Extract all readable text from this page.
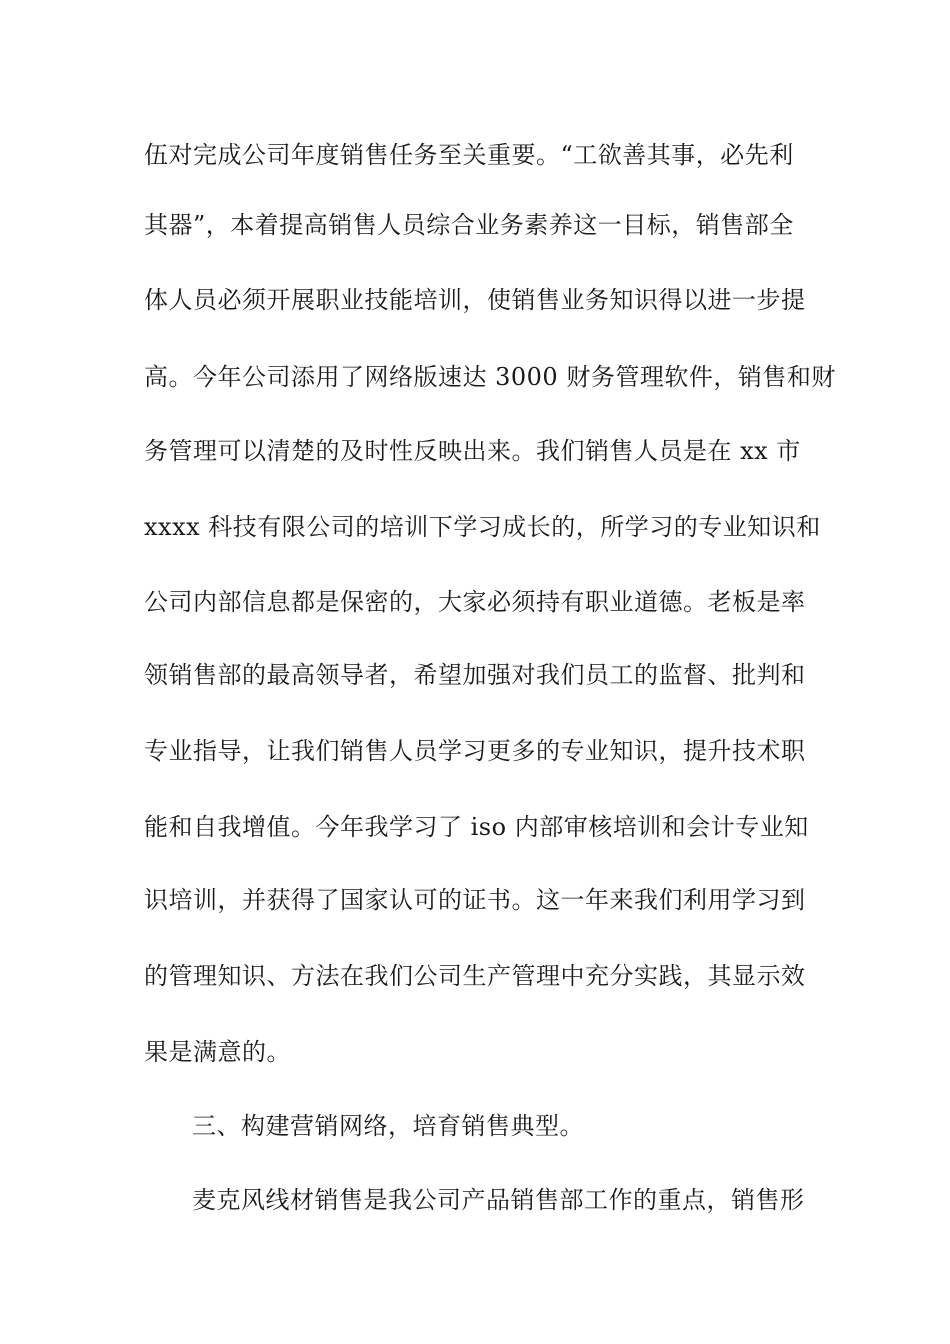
伍对完成公司年度销售任务至关重要。“工欲善其事，必先利
其器”，本着提高销售人员综合业务素养这一目标，销售部全
体人员必须开展职业技能培训，使销售业务知识得以进一步提
高。今年公司添用了网络版速达 3000 财务管理软件，销售和财
务管理可以清楚的及时性反映出来。我们销售人员是在 xx 市
xxxx 科技有限公司的培训下学习成长的，所学习的专业知识和
公司内部信息都是保密的，大家必须持有职业道德。老板是率
领销售部的最高领导者，希望加强对我们员工的监督、批判和
专业指导，让我们销售人员学习更多的专业知识，提升技术职
能和自我增值。今年我学习了 iso 内部审核培训和会计专业知
识培训，并获得了国家认可的证书。这一年来我们利用学习到
的管理知识、方法在我们公司生产管理中充分实践，其显示效
果是满意的。
三、构建营销网络，培育销售典型。
麦克风线材销售是我公司产品销售部工作的重点，销售形
